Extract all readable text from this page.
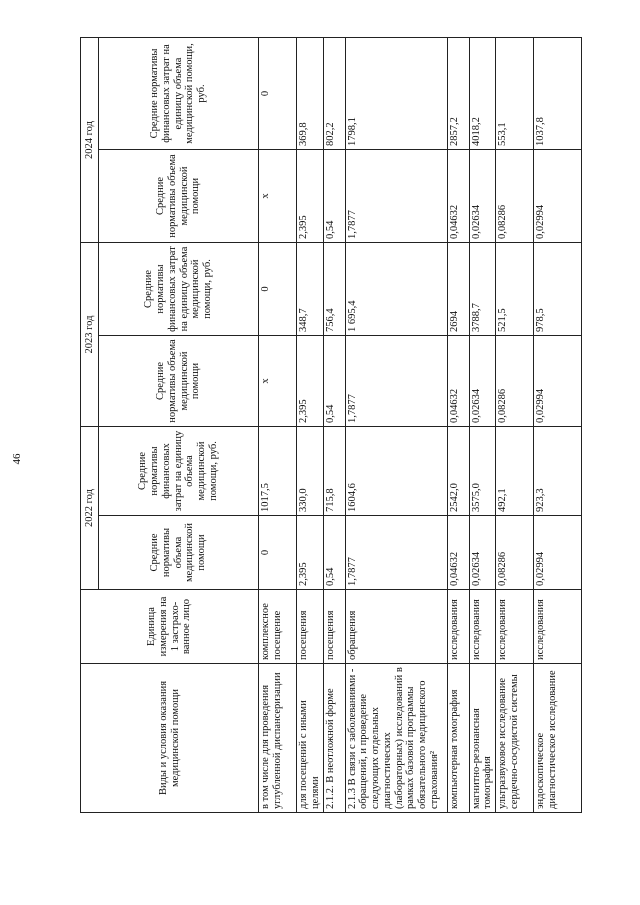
46
Виды и условия оказания медицинской помощи	Единица измерения на 1 застрахо-ванное лицо	2022 год		2023 год		2024 год	
		Средние нормативы объема медицинской помощи	Средние нормативы финансовых затрат на единицу объема медицинской помощи, руб.	Средние нормативы объема медицинской помощи	Средние нормативы финансовых затрат на единицу объема медицинской помощи, руб.	Средние нормативы объема медицинской помощи	Средние нормативы финансовых затрат на единицу объема медицинской помощи, руб.
в том числе для проведения углубленной диспансеризации	комплексное посещение	0	1017,5	x	0	x	0
для посещений с иными целями	посещения	2,395	330,0	2,395	348,7	2,395	369,8
2.1.2. В неотложной форме	посещения	0,54	715,8	0,54	756,4	0,54	802,2
2.1.3 В связи с заболеваниями - обращений, и проведение следующих отдельных диагностических (лабораторных) исследований в рамках базовой программы обязательного медицинского страхования²	обращения	1,7877	1604,6	1,7877	1 695,4	1,7877	1798,1
компьютерная томография	исследования	0,04632	2542,0	0,04632	2694	0,04632	2857,2
магнитно-резонансная томография	исследования	0,02634	3575,0	0,02634	3788,7	0,02634	4018,2
ультразвуковое исследование сердечно-сосудистой системы	исследования	0,08286	492,1	0,08286	521,5	0,08286	553,1
эндоскопическое диагностическое исследование	исследования	0,02994	923,3	0,02994	978,5	0,02994	1037,8
